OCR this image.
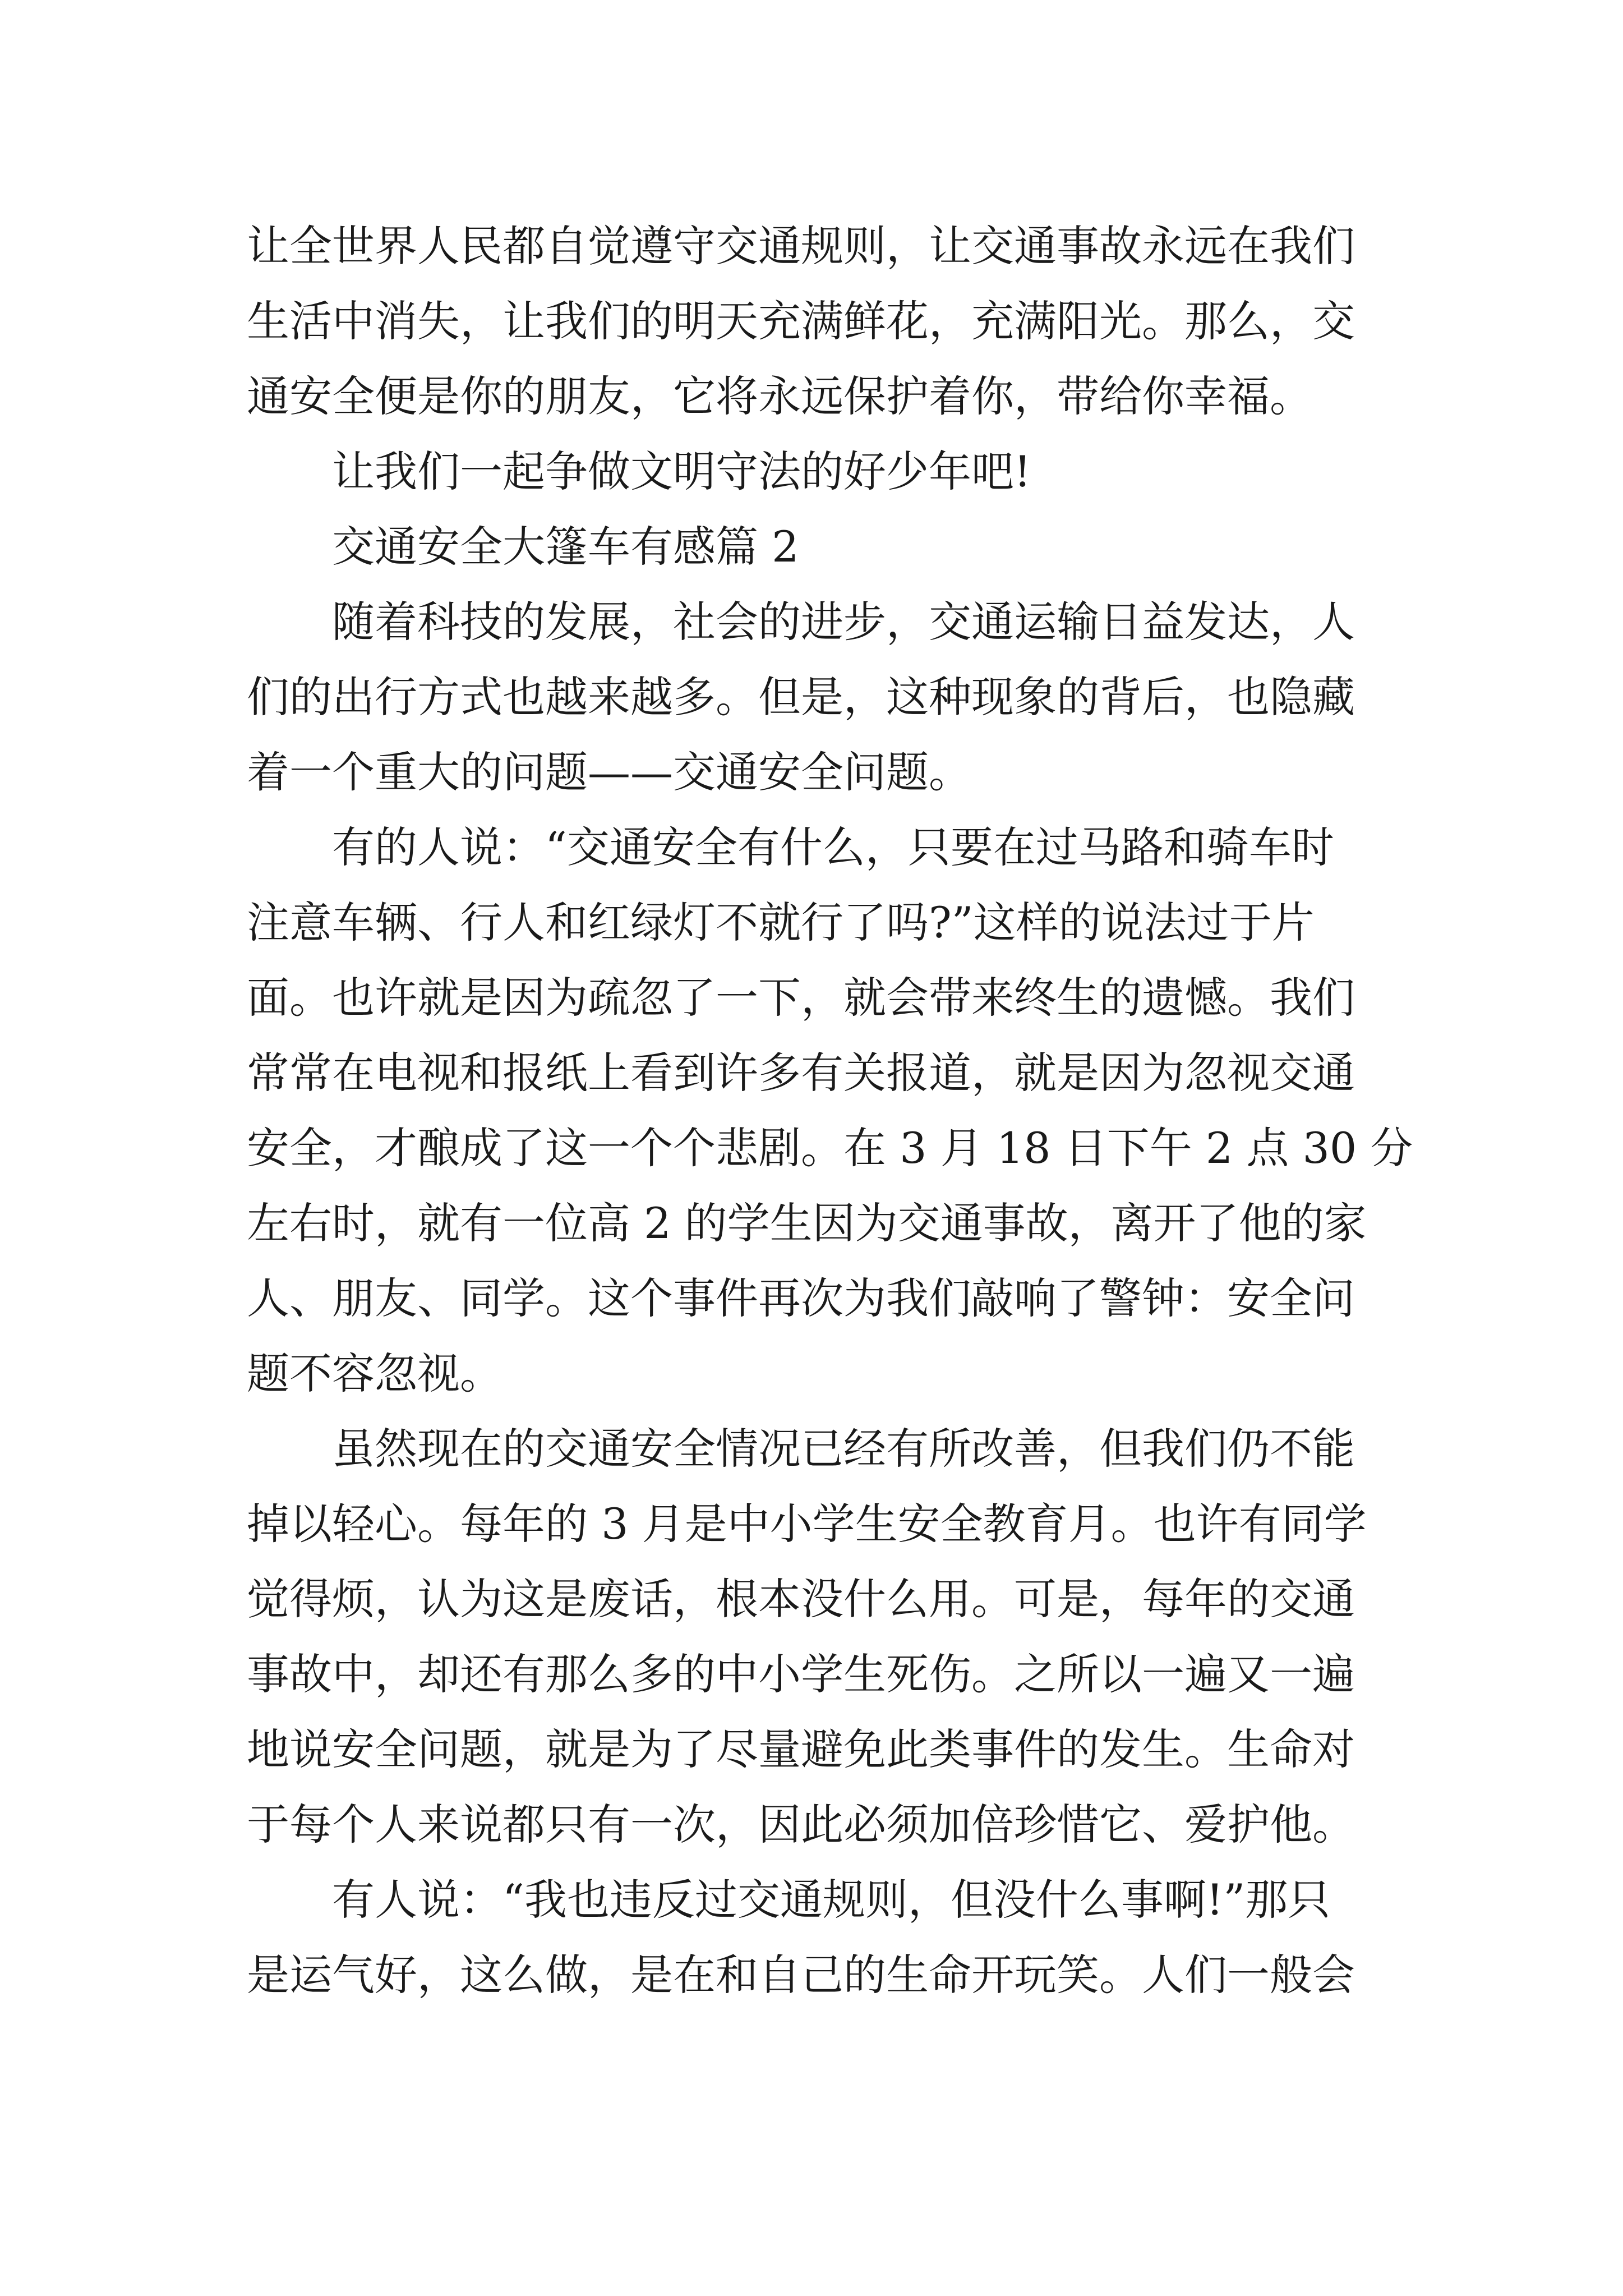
让全世界人民都自觉遵守交通规则，让交通事故永远在我们
生活中消失，让我们的明天充满鲜花，充满阳光。那么，交
通安全便是你的朋友，它将永远保护着你，带给你幸福。
让我们一起争做文明守法的好少年吧!
交通安全大篷车有感篇 2
随着科技的发展，社会的进步，交通运输日益发达，人
们的出行方式也越来越多。但是，这种现象的背后，也隐藏
着一个重大的问题——交通安全问题。
有的人说：“交通安全有什么，只要在过马路和骑车时
注意车辆、行人和红绿灯不就行了吗?”这样的说法过于片
面。也许就是因为疏忽了一下，就会带来终生的遗憾。我们
常常在电视和报纸上看到许多有关报道，就是因为忽视交通
安全，才酿成了这一个个悲剧。在 3 月 18 日下午 2 点 30 分
左右时，就有一位高 2 的学生因为交通事故，离开了他的家
人、朋友、同学。这个事件再次为我们敲响了警钟：安全问
题不容忽视。
虽然现在的交通安全情况已经有所改善，但我们仍不能
掉以轻心。每年的 3 月是中小学生安全教育月。也许有同学
觉得烦，认为这是废话，根本没什么用。可是，每年的交通
事故中，却还有那么多的中小学生死伤。之所以一遍又一遍
地说安全问题，就是为了尽量避免此类事件的发生。生命对
于每个人来说都只有一次，因此必须加倍珍惜它、爱护他。
有人说：“我也违反过交通规则，但没什么事啊!”那只
是运气好，这么做，是在和自己的生命开玩笑。人们一般会
